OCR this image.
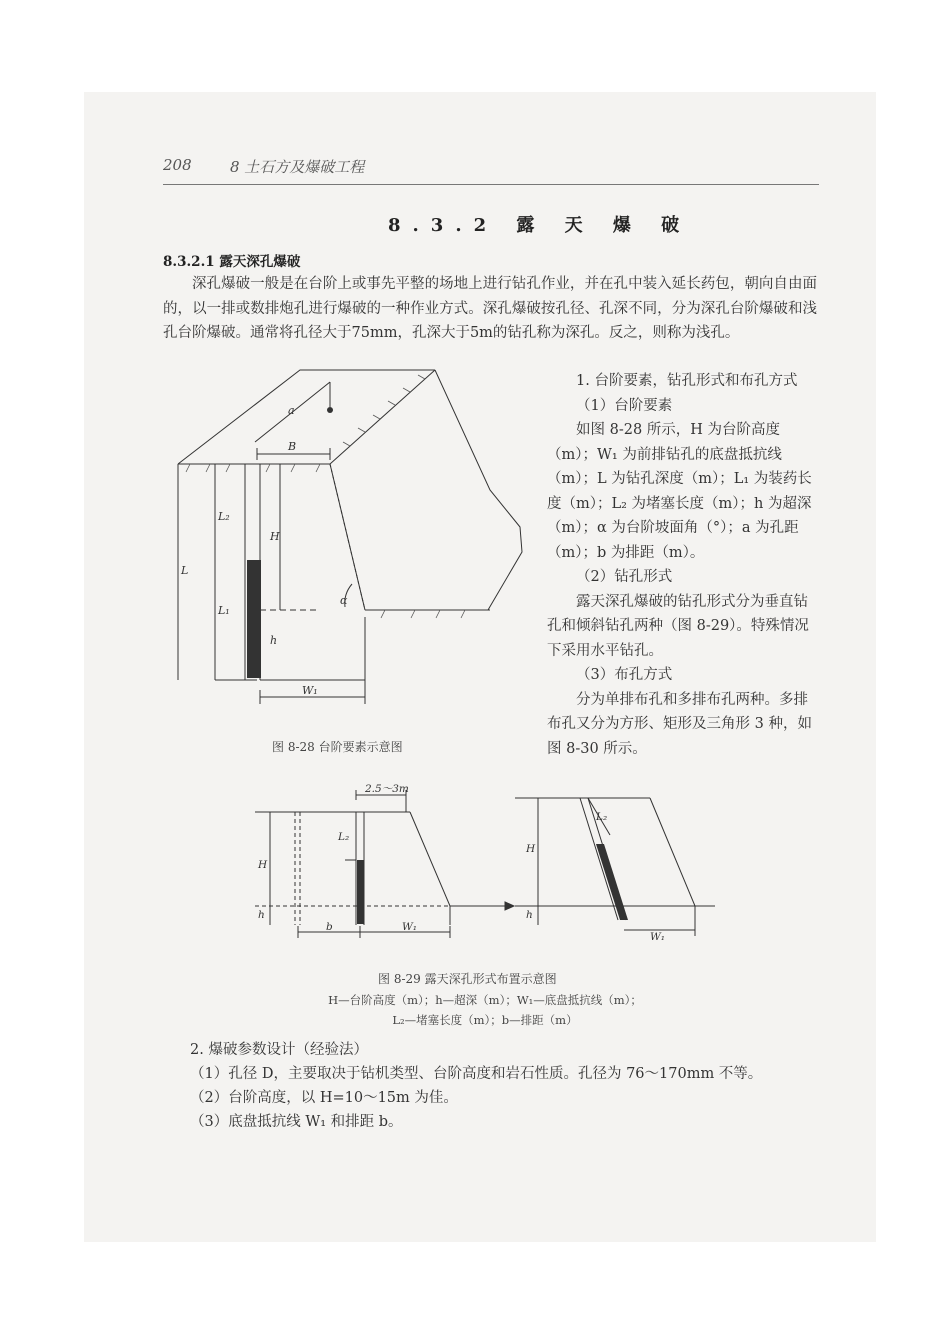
208	8 土石方及爆破工程
8.3.2 露 天 爆 破
8.3.2.1 露天深孔爆破

深孔爆破一般是在台阶上或事先平整的场地上进行钻孔作业，并在孔中装入延长药包，朝向自由面的，以一排或数排炮孔进行爆破的一种作业方式。深孔爆破按孔径、孔深不同，分为深孔台阶爆破和浅孔台阶爆破。通常将孔径大于75mm，孔深大于5m的钻孔称为深孔。反之，则称为浅孔。

a
B
L₂
L
L₁
H
h
α
W₁
图 8-28 台阶要素示意图
1. 台阶要素，钻孔形式和布孔方式
（1）台阶要素
如图 8-28 所示，H 为台阶高度（m）；W₁ 为前排钻孔的底盘抵抗线（m）；L 为钻孔深度（m）；L₁ 为装药长度（m）；L₂ 为堵塞长度（m）；h 为超深（m）；α 为台阶坡面角（°）；a 为孔距（m）；b 为排距（m）。
（2）钻孔形式
露天深孔爆破的钻孔形式分为垂直钻孔和倾斜钻孔两种（图 8-29）。特殊情况下采用水平钻孔。
（3）布孔方式
分为单排布孔和多排布孔两种。多排布孔又分为方形、矩形及三角形 3 种，如图 8-30 所示。
2.5～3m
L₂
H
h
b	W₁
L₂
H
h
W₁
图 8-29 露天深孔形式布置示意图
H—台阶高度（m）；h—超深（m）；W₁—底盘抵抗线（m）；
L₂—堵塞长度（m）；b—排距（m）
2. 爆破参数设计（经验法）
（1）孔径 D，主要取决于钻机类型、台阶高度和岩石性质。孔径为 76～170mm 不等。
（2）台阶高度，以 H=10～15m 为佳。
（3）底盘抵抗线 W₁ 和排距 b。
